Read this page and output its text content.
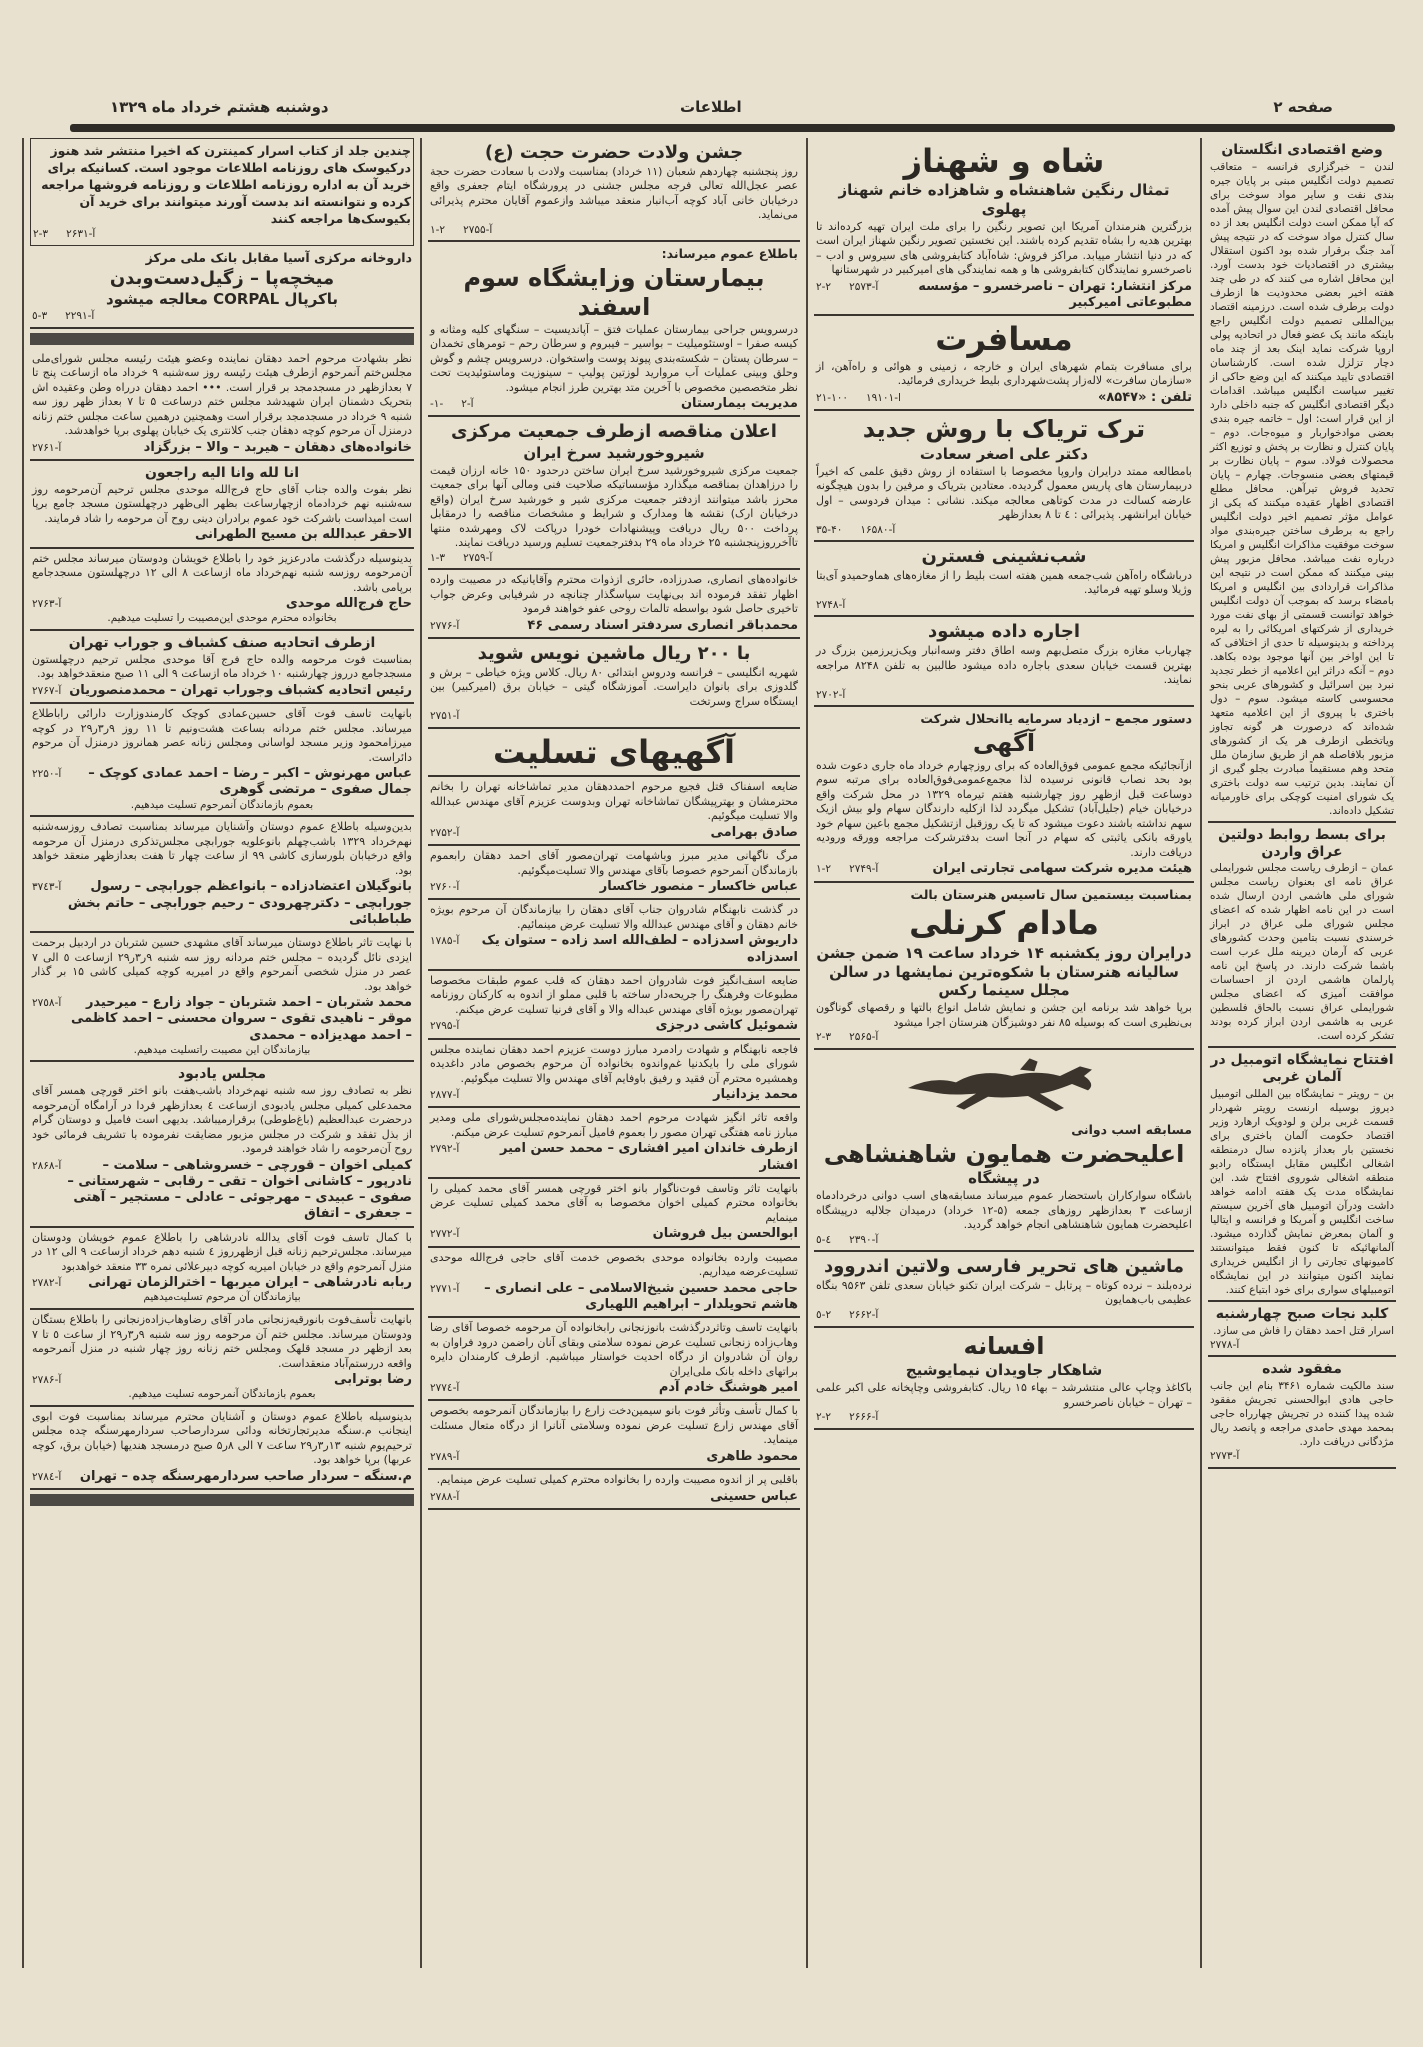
صفحه ۲
اطلاعات
دوشنبه هشتم خرداد ماه ۱۳۲۹
وضع اقتصادی انگلستان
لندن – خبرگزاری فرانسه – متعاقب تصمیم دولت انگلیس مبنی بر پایان جیره بندی نفت و سایر مواد سوخت برای محافل اقتصادی لندن این سوال پیش آمده که آیا ممکن است دولت انگلیس بعد از ده سال کنترل مواد سوخت که در نتیجه پیش آمد جنگ برقرار شده بود اکنون استقلال بیشتری در اقتصادیات خود بدست آورد. این محافل اشاره می کنند که در طی چند هفته اخیر بعضی محدودیت ها ازطرف دولت برطرف شده است. درزمینه اقتصاد بین‌المللی تصمیم دولت انگلیس راجع باینکه مانند یک عضو فعال در اتحادیه پولی اروپا شرکت نماید اینک بعد از چند ماه دچار تزلزل شده است. کارشناسان اقتصادی تایید میکنند که این وضع حاکی از تغییر سیاست انگلیس میباشد. اقدامات دیگر اقتصادی انگلیس که جنبه داخلی دارد از این قرار است: اول – خاتمه جیره بندی بعضی موادخواربار و میوه‌جات. دوم – پایان کنترل و نظارت بر پخش و توزیع اکثر محصولات فولاد. سوم – پایان نظارت بر قیمتهای بعضی منسوجات. چهارم – پایان تحدید فروش تیرآهن. محافل مطلع اقتصادی اظهار عقیده میکنند که یکی از عوامل مؤثر تصمیم اخیر دولت انگلیس راجع به برطرف ساختن جیره‌بندی مواد سوخت موفقیت مذاکرات انگلیس و امریکا درباره نفت میباشد. محافل مزبور پیش بینی میکنند که ممکن است در نتیجه این مذاکرات قراردادی بین انگلیس و امریکا بامضاء برسد که بموجب آن دولت انگلیس خواهد توانست قسمتی از بهای نفت مورد خریداری از شرکتهای امریکائی را به لیره پرداخته و بدینوسیله تا حدی از اختلافی که تا این اواخر بین آنها موجود بوده بکاهد. دوم – آنکه دراثر این اعلامیه از خطر تجدید نبرد بین اسرائیل و کشورهای عربی بنحو محسوسی کاسته میشود. سوم – دول باختری با پیروی از این اعلامیه متعهد شده‌اند که درصورت هر گونه تجاوز ویاتخطی ازطرف هر یک از کشورهای مزبور بلافاصله هم از طریق سازمان ملل متحد وهم مستقیماً مبادرت بجلو گیری از آن نمایند. بدین ترتیب سه دولت باختری یک شورای امنیت کوچکی برای خاورمیانه تشکیل داده‌اند.
برای بسط روابط دولتین عراق واردن
عمان – ازطرف ریاست مجلس شورایملی عراق نامه ای بعنوان ریاست مجلس شورای ملی هاشمی اردن ارسال شده است در این نامه اظهار شده که اعضای مجلس شورای ملی عراق در ابراز خرسندی نسبت بتامین وحدت کشورهای عربی که آرمان دیرینه ملل عرب است باشما شرکت دارند. در پاسخ این نامه پارلمان هاشمی اردن از احساسات موافقت آمیزی که اعضای مجلس شورایملی عراق نسبت بالحاق فلسطین عربی به هاشمی اردن ابراز کرده بودند تشکر کرده است.
افتتاح نمایشگاه اتومبیل در آلمان غربی
بن – رویتر – نمایشگاه بین المللی اتومبیل دیروز بوسیله ارنست رویتر شهردار قسمت غربی برلن و لودویک ارهارد وزیر اقتصاد حکومت آلمان باختری برای نخستین بار بعداز پانزده سال درمنطقه اشغالی انگلیس مقابل ایستگاه رادیو منطقه اشغالی شوروی افتتاح شد. این نمایشگاه مدت یک هفته ادامه خواهد داشت ودرآن اتومبیل های آخرین سیستم ساخت انگلیس و آمریکا و فرانسه و ایتالیا و آلمان بمعرض نمایش گذارده میشود. آلمانهائیکه تا کنون فقط میتوانستند کامیونهای تجارتی را از انگلیس خریداری نمایند اکنون میتوانند در این نمایشگاه اتومبیلهای سواری برای خود ابتیاع کنند.
کلبد نجات صبح چهارشنبه
اسرار قتل احمد دهقان را فاش می سازد.
آ-۲۷۷۸
مفقود شده
سند مالکیت شماره ۳۴۶۱ بنام این جانب حاجی هادی ابوالحسنی تجریش مفقود شده پیدا کننده در تجریش چهارراه حاجی بمحمد مهدی حامدی مراجعه و پانصد ریال مژدگانی دریافت دارد.
آ-۲۷۷۳
شاه و شهناز
تمثال رنگین شاهنشاه و شاهزاده خانم شهناز پهلوی
بزرگترین هنرمندان آمریکا این تصویر رنگین را برای ملت ایران تهیه کرده‌اند تا بهترین هدیه را بشاه تقدیم کرده باشند. این نخستین تصویر رنگین شهناز ایران است که در دنیا انتشار مییابد. مراکز فروش: شاه‌آباد کتابفروشی های سیروس و ادب – ناصرخسرو نمایندگان کتابفروشی ها و همه نمایندگی های امیرکبیر در شهرستانها
مرکز انتشار: تهران – ناصرخسرو – مؤسسه مطبوعاتی امیرکبیر
آ-۲۵۷۳
۲-۲
مسافرت
برای مسافرت بتمام شهرهای ایران و خارجه ، زمینی و هوائی و راه‌آهن، از «سازمان سافرت» لاله‌زار پشت‌شهرداری بلیط خریداری فرمائید.
تلفن : «۸۵۴۷»
ا-۱۹۱۰۱
۲۱-۱۰۰
ترک تریاک با روش جدید
دکتر علی اصغر سعادت
بامطالعه ممتد درایران واروپا مخصوصا با استفاده از روش دقیق علمی که اخیراً دربیمارستان های پاریس معمول گردیده. معتادین بتریاک و مرفین را بدون هیچگونه عارضه کسالت در مدت کوتاهی معالجه میکند. نشانی : میدان فردوسی – اول خیابان ایرانشهر. پذیرائی : ٤ تا ٨ بعدازظهر
آ-۱۶۵۸۰
۳۵-۴۰
شب‌نشینی فسترن
درباشگاه راه‌آهن شب‌جمعه همین هفته است بلیط را از مغازه‌های هماوحمیدو آی‌بتا وژیلا وسلو تهیه فرمائید.
آ-۲۷۴۸
اجاره داده میشود
چهارباب مغازه بزرگ متصل‌بهم وسه اطاق دفتر وسه‌انبار ویک‌زیرزمین بزرگ در بهترین قسمت خیابان سعدی باجاره داده میشود طالبین به تلفن ۸۲۴۸ مراجعه نمایند.
آ-۲۷۰۲
دستور مجمع – ازدیاد سرمایه یاانحلال شرکت
آگهی
ازآنجائیکه مجمع عمومی فوق‌العاده که برای روزچهارم خرداد ماه جاری دعوت شده بود بحد نصاب قانونی نرسیده لذا مجمع‌عمومی‌فوق‌العاده برای مرتبه سوم دوساعت قبل ازظهر روز چهارشنبه هفتم تیرماه ۱۳۲۹ در محل شرکت واقع درخیابان خیام (جلیل‌آباد) تشکیل میگردد لذا ازکلیه دارندگان سهام ولو بیش ازیک سهم نداشته باشند دعوت میشود که تا یک روزقبل ازتشکیل مجمع باعین سهام خود یاورقه بانکی یاثبتی که سهام در آنجا است بدفترشرکت مراجعه وورقه ورودیه دریافت دارند.
هیئت مدیره شرکت سهامی تجارتی ایران
آ-۲۷۴۹
۱-۲
بمناسبت بیستمین سال تاسیس هنرستان بالت
مادام کرنلی
درایران روز یکشنبه ۱۴ خرداد ساعت ۱۹ ضمن جشن سالیانه هنرستان با شکوه‌ترین نمایشها در سالن مجلل سینما رکس
برپا خواهد شد برنامه این جشن و نمایش شامل انواع بالتها و رقصهای گوناگون بی‌نظیری است که بوسیله ۸۵ نفر دوشیزگان هنرستان اجرا میشود
آ-۲۵۶۵
۲-۳
مسابقه اسب دوانی
اعلیحضرت همایون شاهنشاهی
در پیشگاه
باشگاه سوارکاران باستحضار عموم میرساند مسابقه‌های اسب دوانی درخردادماه ازساعت ۳ بعدازظهر روزهای جمعه (۵-۱۲ خرداد) درمیدان جلالیه درپیشگاه اعلیحضرت همایون شاهنشاهی انجام خواهد گردید.
آ-۲۳۹۰
٤-٥
ماشین های تحریر فارسی ولاتین اندروود
نرده‌بلند – نرده کوتاه – پرتابل – شرکت ایران تکنو خیابان سعدی تلفن ۹۵۶۳ بنگاه عظیمی باب‌همایون
آ-۲۶۶۲
۲-٥
افسانه
شاهکار جاویدان نیمایوشیج
باکاغذ وچاپ عالی منتشرشد – بهاء ۱۵ ریال. کتابفروشی وچاپخانه علی اکبر علمی – تهران – خیابان ناصرخسرو
آ-۲۶۶۶
۲-۲
جشن ولادت حضرت حجت (ع)
روز پنجشنبه چهاردهم شعبان (۱۱ خرداد) بمناسبت ولادت با سعادت حضرت حجة عصر عجل‌الله تعالی فرجه مجلس جشنی در پرورشگاه ایتام جعفری واقع درخیابان خانی آباد کوچه آب‌انبار منعقد میباشد وازعموم آقایان محترم پذیرائی می‌نماید.
آ-۲۷۵۵
۱-۲
باطلاع عموم میرساند:
بیمارستان وزایشگاه سوم اسفند
درسرویس جراحی بیمارستان عملیات فتق – آپاندیسیت – سنگهای کلیه ومثانه و کیسه صفرا – اوستئومیلیت – بواسیر – فیبروم و سرطان رحم – تومرهای تخمدان – سرطان پستان – شکسته‌بندی پیوند پوست واستخوان. درسرویس چشم و گوش وحلق وبینی عملیات آب مروارید لوزتین پولیپ – سینوزیت وماستوئیدیت تحت نظر متخصصین مخصوص با آخرین متد بهترین طرز انجام میشود.
مدیریت بیمارستان
آ-۲
-۱-
اعلان مناقصه ازطرف جمعیت مرکزی
شیروخورشید سرخ ایران
جمعیت مرکزی شیروخورشید سرخ ایران ساختن درحدود ۱۵۰ خانه ارزان قیمت را درزاهدان بمناقصه میگذارد مؤسساتیکه صلاحیت فنی ومالی آنها برای جمعیت محرز باشد میتوانند ازدفتر جمعیت مرکزی شیر و خورشید سرخ ایران (واقع درخیابان ارک) نقشه ها ومدارک و شرایط و مشخصات مناقصه را درمقابل پرداخت ۵۰۰ ریال دریافت وپیشنهادات خودرا درپاکت لاک ومهرشده منتها تاآخرروزپنجشنبه ۲۵ خرداد ماه ۲۹ بدفترجمعیت تسلیم ورسید دریافت نمایند.
آ-۲۷۵۹
۱-۳
خانواده‌های انصاری، صدرزاده، حائری ازذوات محترم وآقایانیکه در مصیبت وارده اظهار تفقد فرموده اند بی‌نهایت سپاسگذار چنانچه در شرفیابی وعرض جواب تاخیری حاصل شود بواسطه تالمات روحی عفو خواهند فرمود
محمدباقر انصاری سردفتر اسناد رسمی ۴۶
آ-۲۷۷۶
با ۲۰۰ ریال ماشین نویس شوید
شهریه انگلیسی – فرانسه ودروس ابتدائی ۸۰ ریال. کلاس ویژه خیاطی – برش و گلدوزی برای بانوان دایراست. آموزشگاه گیتی – خیابان برق (امیرکبیر) بین ایستگاه سراج وسرتخت
آ-۲۷۵۱
آگهیهای تسلیت
ضایعه اسفناک قتل فجیع مرحوم احمددهقان مدیر تماشاخانه تهران را بخانم محترمشان و بهترپیشگان تماشاخانه تهران وبدوست عزیزم آقای مهندس عبدالله والا تسلیت میگوئیم.
صادق بهرامی
آ-۲۷۵۲
مرگ ناگهانی مدیر مبرز وباشهامت تهران‌مصور آقای احمد دهقان رابعموم بازماندگان آنمرحوم خصوصا بآقای مهندس والا تسلیت‌میگوئیم.
عباس خاکسار – منصور خاکسار
آ-۲۷۶۰
در گذشت نابهنگام شادروان جناب آقای دهقان را بیازماندگان آن مرحوم بویژه خانم دهقان و آقای مهندس عبدالله والا تسلیت عرض مینمائیم.
داریوش اسدزاده – لطف‌الله اسد زاده – ستوان یک اسدزاده
آ-۱۷۸۵
ضایعه اسف‌انگیز فوت شادروان احمد دهقان که قلب عموم طبقات مخصوصا مطبوعات وفرهنگ را جریحه‌دار ساخته با قلبی مملو از اندوه به کارکنان روزنامه تهران‌مصور بویژه آقای مهندس عبداله والا و آقای فرنیا تسلیت عرض میکنم.
شموئیل کاشی درجزی
آ-۲۷۹۵
فاجعه نابهنگام و شهادت رادمرد مبارز دوست عزیزم احمد دهقان نماینده مجلس شورای ملی را بایکدنیا غم‌واندوه بخانواده آن مرحوم بخصوص مادر داغدیده وهمشیره محترم آن فقید و رفیق باوفایم آقای مهندس والا تسلیت میگوئیم.
محمد یزدانیار
آ-۲۸۷۷
واقعه تاثر انگیز شهادت مرحوم احمد دهقان نماینده‌مجلس‌شورای ملی ومدیر مبارز نامه هفتگی تهران مصور را بعموم فامیل آنمرحوم تسلیت عرض میکنم.
ازطرف خاندان امیر افشاری – محمد حسن امیر افشار
آ-۲۷۹۲
بانهایت تاثر وتاسف فوت‌ناگوار بانو اختر قورچی همسر آقای محمد کمیلی را بخانواده محترم کمیلی اخوان مخصوصا به آقای محمد کمیلی تسلیت عرض مینمایم
ابوالحسن بیل فروشان
آ-۲۷۷۲
مصیبت وارده بخانواده موحدی بخصوص خدمت آقای حاجی فرج‌الله موحدی تسلیت‌عرضه میداریم.
حاجی محمد حسین شیخ‌الاسلامی – علی انصاری – هاشم تحویلدار – ابراهیم اللهیاری
آ-۲۷۷۱
بانهایت تاسف وتاثردرگذشت بانوزنجانی رابخانواده آن مرحومه خصوصا آقای رضا وهاب‌زاده زنجانی تسلیت عرض نموده سلامتی وبقای آنان راضمن درود فراوان به روان آن شادروان از درگاه احدیت خواستار میباشیم. ازطرف کارمندان دایره براتهای داخله بانک ملی‌ایران
امیر هوشنگ خادم آدم
آ-۲۷۷٤
با کمال تأسف وتأثر فوت بانو سیمین‌دخت زارع را بیازماندگان آنمرحومه بخصوص آقای مهندس زارع تسلیت عرض نموده وسلامتی آنانرا از درگاه متعال مسئلت مینماید.
محمود طاهری
آ-۲۷۸۹
باقلبی پر از اندوه مصیبت وارده را بخانواده محترم کمیلی تسلیت عرض مینمایم.
عباس حسینی
آ-۲۷۸۸
چندین جلد از کتاب اسرار کمینترن که اخیرا منتشر شد هنوز درکیوسک های روزنامه اطلاعات موجود است. کسانیکه برای خرید آن به اداره روزنامه اطلاعات و روزنامه فروشها مراجعه کرده و نتوانسته اند بدست آورند میتوانند برای خرید آن بکیوسک‌ها مراجعه کنند
آ-۲۶۳۱
۲-۳
داروخانه مرکزی آسیا مقابل بانک ملی مرکز
میخچه‌پا – زگیل‌دست‌وبدن
باکرپال CORPAL معالجه میشود
آ-۲۲۹۱
۳-٥
نظر بشهادت مرحوم احمد دهقان نماینده وعضو هیئت رئیسه مجلس شورای‌ملی مجلس‌ختم آنمرحوم ازطرف هیئت رئیسه روز سه‌شنبه ۹ خرداد ماه ازساعت پنج تا ۷ بعدازظهر در مسجدمجد بر قرار است. ••• احمد دهقان درراه وطن وعقیده اش بتحریک دشمنان ایران شهیدشد مجلس ختم درساعت ۵ تا ۷ بعداز ظهر روز سه شنبه ۹ خرداد در مسجدمجد برقرار است وهمچنین درهمین ساعت مجلس ختم زنانه درمنزل آن مرحوم کوچه دهقان جنب کلانتری یک خیابان پهلوی برپا خواهدشد.
خانواده‌های دهقان – هیربد – والا – بزرگزاد
آ-۲۷۶۱
انا لله وانا الیه راجعون
نظر بفوت والده جناب آقای حاج فرج‌الله موحدی مجلس ترحیم آن‌مرحومه روز سه‌شنبه نهم خردادماه ازچهارساعت بظهر الی‌ظهر درچهلستون مسجد جامع برپا است امیداست باشرکت خود عموم برادران دینی روح آن مرحومه را شاد فرمایند.
الاحقر عبدالله بن مسیح الطهرانی
بدینوسیله درگذشت مادرعزیز خود را باطلاع خویشان ودوستان میرساند مجلس ختم آن‌مرحومه روزسه شنبه نهم‌خرداد ماه ازساعت ۸ الی ۱۲ درچهلستون مسجدجامع برپامی باشد.
حاج فرج‌الله موحدی
آ-۲۷۶۳
بخانواده محترم موحدی این‌مصیبت را تسلیت میدهیم.
ازطرف اتحادیه صنف کشباف و جوراب تهران
بمناسبت فوت مرحومه والده حاج فرج آقا موحدی مجلس ترحیم درچهلستون مسجدجامع درروز چهارشنبه ۱۰ خرداد ماه ازساعت ۹ الی ۱۱ صبح منعقدخواهد بود.
رئیس اتحادیه کشباف وجوراب تهران – محمدمنصوریان
آ-۲۷۶۷
بانهایت تاسف فوت آقای حسین‌عمادی کوچک کارمندوزارت دارائی راباطلاع میرساند. مجلس ختم مردانه بساعت هشت‌ونیم تا ۱۱ روز ۹ر۳ر۲۹ در کوچه میرزامحمود وزیر مسجد لواسانی ومجلس زنانه عصر همانروز درمنزل آن مرحوم دائراست.
عباس مهرنوش – اکبر – رضا – احمد عمادی کوچک – جمال صفوی – مرتضی گوهری
آ-۲۲۵۰
بعموم بازماندگان آنمرحوم تسلیت میدهیم.
بدین‌وسیله باطلاع عموم دوستان وآشنایان میرساند بمناسبت تصادف روزسه‌شنبه نهم‌خرداد ۱۳۲۹ باشب‌چهلم بانوعلویه جورابچی مجلس‌تذکری درمنزل آن مرحومه واقع درخیابان بلورسازی کاشی ۹۹ از ساعت چهار تا هفت بعدازظهر منعقد خواهد بود.
بانوگیلان اعتضادزاده – بانواعظم جورابچی – رسول جورابچی – دکترچهرودی – رحیم جورابچی – حاتم بخش طباطبائی
آ-۳۷٤۳
با نهایت تاثر باطلاع دوستان میرساند آقای مشهدی حسین شتربان در اردبیل برحمت ایزدی نائل گردیده – مجلس ختم مردانه روز سه شنبه ۹ر۳ر۲۹ ازساعت ٥ الی ۷ عصر در منزل شخصی آنمرحوم واقع در امیریه کوچه کمیلی کاشی ۱۵ بر گذار خواهد بود.
محمد شتربان – احمد شتربان – جواد زارع – میرحیدر موقر – ناهیدی تقوی – سروان محسنی – احمد کاظمی – احمد مهدیزاده – محمدی
آ-۲۷٥۸
بیازماندگان این مصیبت راتسلیت میدهیم.
مجلس یادبود
نظر به تصادف روز سه شنبه نهم‌خرداد باشب‌هفت بانو اختر قورچی همسر آقای محمدعلی کمیلی مجلس یادبودی ازساعت ٤ بعدازظهر فردا در آرامگاه آن‌مرحومه درحضرت عبدالعظیم (باغ‌طوطی) برقرارمیباشد. بدیهی است فامیل و دوستان گرام از بذل تفقد و شرکت در مجلس مزبور مضایقت نفرموده با تشریف فرمائی خود روح آن‌مرحومه را شاد خواهند فرمود.
کمیلی اخوان – قورچی – خسروشاهی – سلامت – نادرپور – کاشانی اخوان – تقی – رقابی – شهرستانی – صفوی – عبیدی – مهرجوئی – عادلی – مستجیر – آهتی – جعفری – اتفاق
آ-۲۸۶۸
با کمال تاسف فوت آقای یدالله نادرشاهی را باطلاع عموم خویشان ودوستان میرساند. مجلس‌ترحیم زنانه قبل ازظهرروز ٤ شنبه دهم خرداد ازساعت ۹ الی ۱۲ در منزل آنمرحوم واقع در خیابان امیریه کوچه دبیرعلائی نمره ۳۳ منعقد خواهدبود
ربابه نادرشاهی – ایران میربها – اخترالزمان تهرانی
آ-۲۷۸۲
بیازماندگان آن مرحوم تسلیت‌میدهیم
بانهایت تأسف‌فوت بانورقیه‌زنجانی مادر آقای رضاوهاب‌زاده‌زنجانی را باطلاع بستگان ودوستان میرساند. مجلس ختم آن مرحومه روز سه شنبه ۹ر۳ر۲۹ از ساعت ٥ تا ۷ بعد ازظهر در مسجد قلهک ومجلس ختم زنانه روز چهار شنبه در منزل آنمرحومه واقعه دررستم‌آباد منعقداست.
رضا بوترابی
آ-۲۷۸۶
بعموم بازماندگان آنمرحومه تسلیت میدهیم.
بدینوسیله باطلاع عموم دوستان و آشنایان محترم میرساند بمناسبت فوت ابوی اینجانب م.سنگه مدیرتجارتخانه ودائی سردارصاحب سردارمهرسنگه چده مجلس ترحیم‌یوم شنبه ۱۳ر۳ر۲۹ ساعت ۷ الی ۸ر۵ صبح درمسجد هندیها (خیابان برق، کوچه عربها) برپا خواهد بود.
م.سنگه – سردار صاحب سردارمهرسنگه چده – تهران
آ-۲۷۸٤
